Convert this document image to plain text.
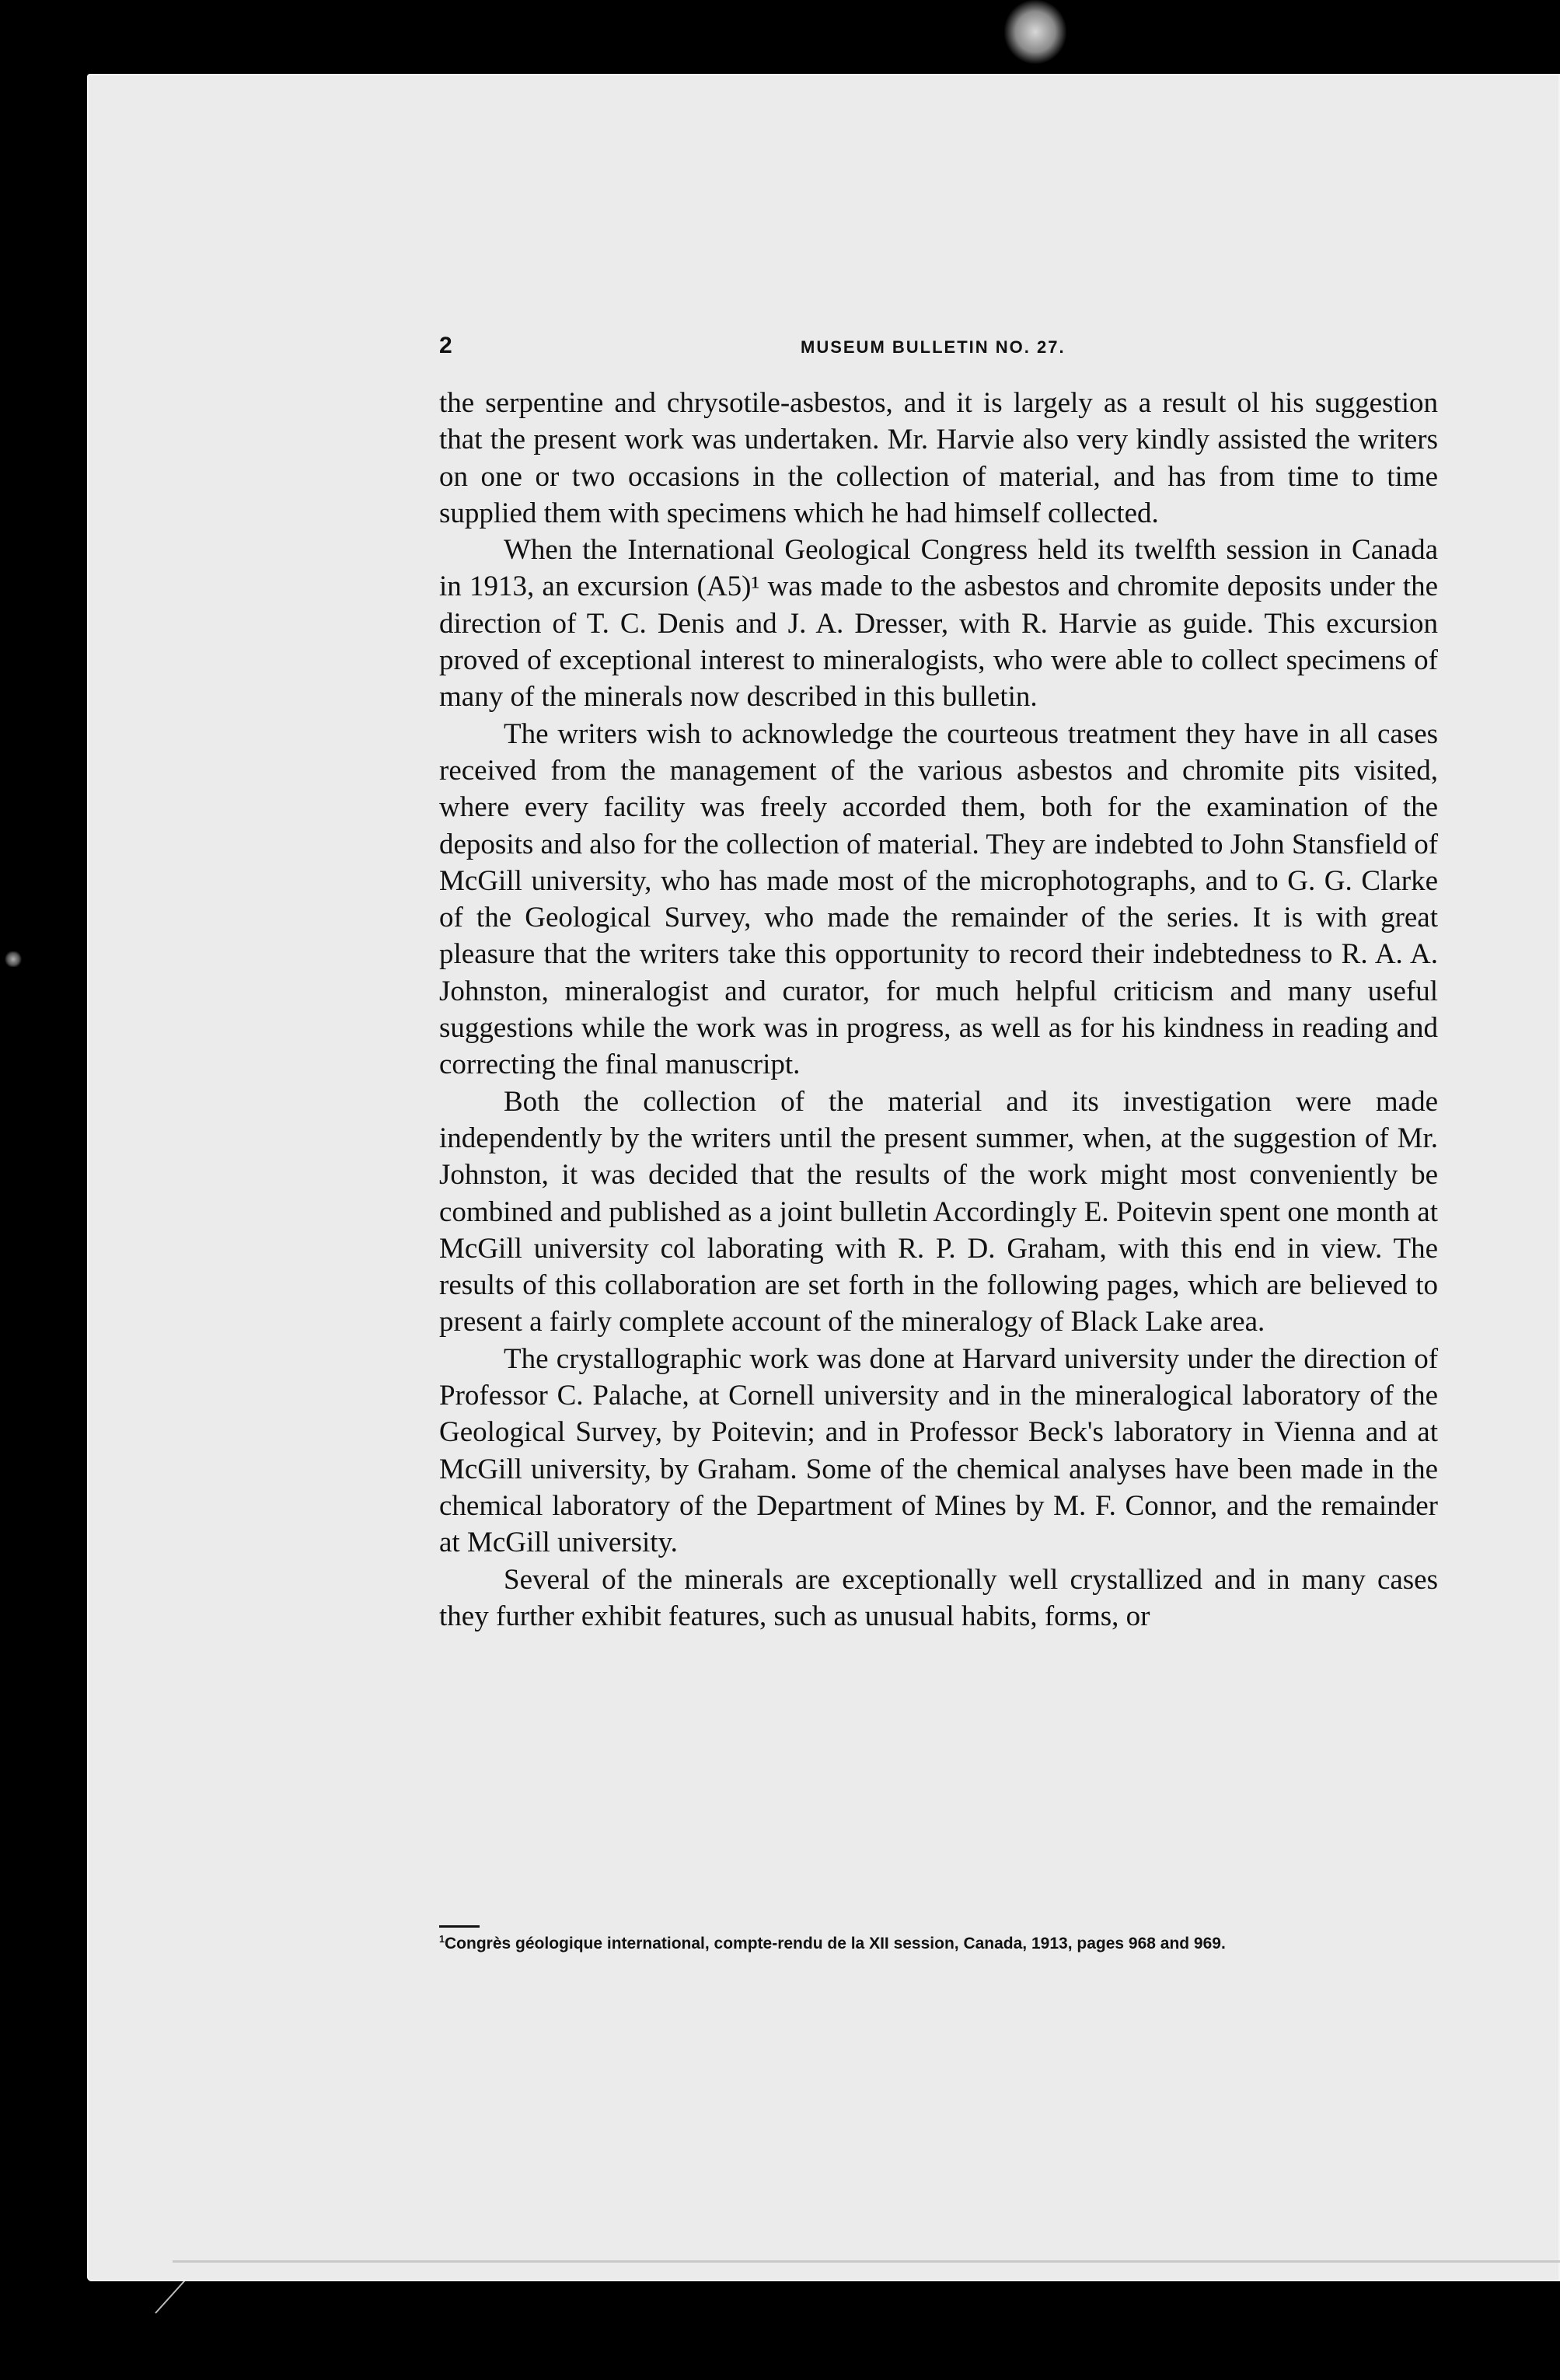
2	MUSEUM BULLETIN NO. 27.

the serpentine and chrysotile-asbestos, and it is largely as a result ol his suggestion that the present work was undertaken. Mr. Harvie also very kindly assisted the writers on one or two occasions in the collection of material, and has from time to time supplied them with specimens which he had himself collected.

When the International Geological Congress held its twelfth session in Canada in 1913, an excursion (A5)¹ was made to the asbestos and chromite deposits under the direction of T. C. Denis and J. A. Dresser, with R. Harvie as guide. This excursion proved of exceptional interest to mineralogists, who were able to collect specimens of many of the minerals now described in this bulletin.

The writers wish to acknowledge the courteous treatment they have in all cases received from the management of the various asbestos and chromite pits visited, where every facility was freely accorded them, both for the examination of the deposits and also for the collection of material. They are indebted to John Stansfield of McGill university, who has made most of the microphotographs, and to G. G. Clarke of the Geological Survey, who made the remainder of the series. It is with great pleasure that the writers take this opportunity to record their indebtedness to R. A. A. Johnston, mineralogist and curator, for much helpful criticism and many useful suggestions while the work was in progress, as well as for his kindness in reading and correcting the final manuscript.

Both the collection of the material and its investigation were made independently by the writers until the present summer, when, at the suggestion of Mr. Johnston, it was decided that the results of the work might most conveniently be combined and published as a joint bulletin Accordingly E. Poitevin spent one month at McGill university col laborating with R. P. D. Graham, with this end in view. The results of this collaboration are set forth in the following pages, which are believed to present a fairly complete account of the mineralogy of Black Lake area.

The crystallographic work was done at Harvard university under the direction of Professor C. Palache, at Cornell university and in the mineralogical laboratory of the Geological Survey, by Poitevin; and in Professor Beck's laboratory in Vienna and at McGill university, by Graham. Some of the chemical analyses have been made in the chemical laboratory of the Department of Mines by M. F. Connor, and the remainder at McGill university.

Several of the minerals are exceptionally well crystallized and in many cases they further exhibit features, such as unusual habits, forms, or

$^1$Congrès géologique international, compte-rendu de la XII session, Canada, 1913, pages 968 and 969.
